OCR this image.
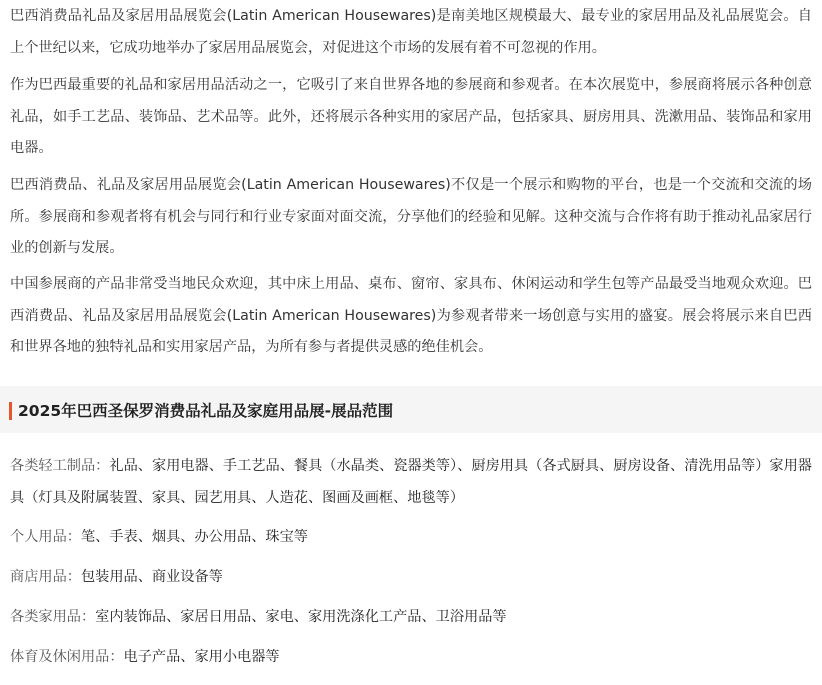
巴西消费品礼品及家居用品展览会(Latin American Housewares)是南美地区规模最大、最专业的家居用品及礼品展览会。自上个世纪以来，它成功地举办了家居用品展览会，对促进这个市场的发展有着不可忽视的作用。

作为巴西最重要的礼品和家居用品活动之一，它吸引了来自世界各地的参展商和参观者。在本次展览中，参展商将展示各种创意礼品，如手工艺品、装饰品、艺术品等。此外，还将展示各种实用的家居产品，包括家具、厨房用具、洗漱用品、装饰品和家用电器。

巴西消费品、礼品及家居用品展览会(Latin American Housewares)不仅是一个展示和购物的平台，也是一个交流和交流的场所。参展商和参观者将有机会与同行和行业专家面对面交流，分享他们的经验和见解。这种交流与合作将有助于推动礼品家居行业的创新与发展。

中国参展商的产品非常受当地民众欢迎，其中床上用品、桌布、窗帘、家具布、休闲运动和学生包等产品最受当地观众欢迎。巴西消费品、礼品及家居用品展览会(Latin American Housewares)为参观者带来一场创意与实用的盛宴。展会将展示来自巴西和世界各地的独特礼品和实用家居产品，为所有参与者提供灵感的绝佳机会。

2025年巴西圣保罗消费品礼品及家庭用品展-展品范围
各类轻工制品：礼品、家用电器、手工艺品、餐具（水晶类、瓷器类等）、厨房用具（各式厨具、厨房设备、清洗用品等）家用器具（灯具及附属装置、家具、园艺用具、人造花、图画及画框、地毯等）
个人用品：笔、手表、烟具、办公用品、珠宝等
商店用品：包装用品、商业设备等
各类家用品：室内装饰品、家居日用品、家电、家用洗涤化工产品、卫浴用品等
体育及休闲用品：电子产品、家用小电器等
